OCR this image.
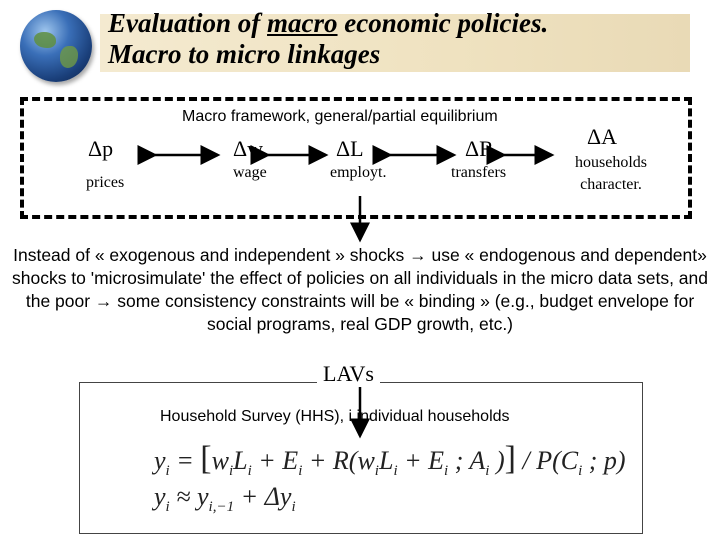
Evaluation of macro economic policies.
Macro to micro linkages
Macro framework, general/partial equilibrium
Δp
prices
Δw
wage
ΔL
employt.
ΔR
transfers
ΔA
households character.
Instead of « exogenous and independent » shocks → use « endogenous and dependent» shocks to 'microsimulate' the effect of policies on all individuals in the micro data sets, and the poor → some consistency constraints will be « binding » (e.g., budget envelope for social programs, real GDP growth, etc.)
LAVs
Household Survey (HHS), i individual households
$y_i = [w_iL_i + E_i + R(w_iL_i + E_i$ ; $A_i$ )] / $P(C_i$ ; p)
$y_i \approx y_{i,-1} + \Delta y_i$
